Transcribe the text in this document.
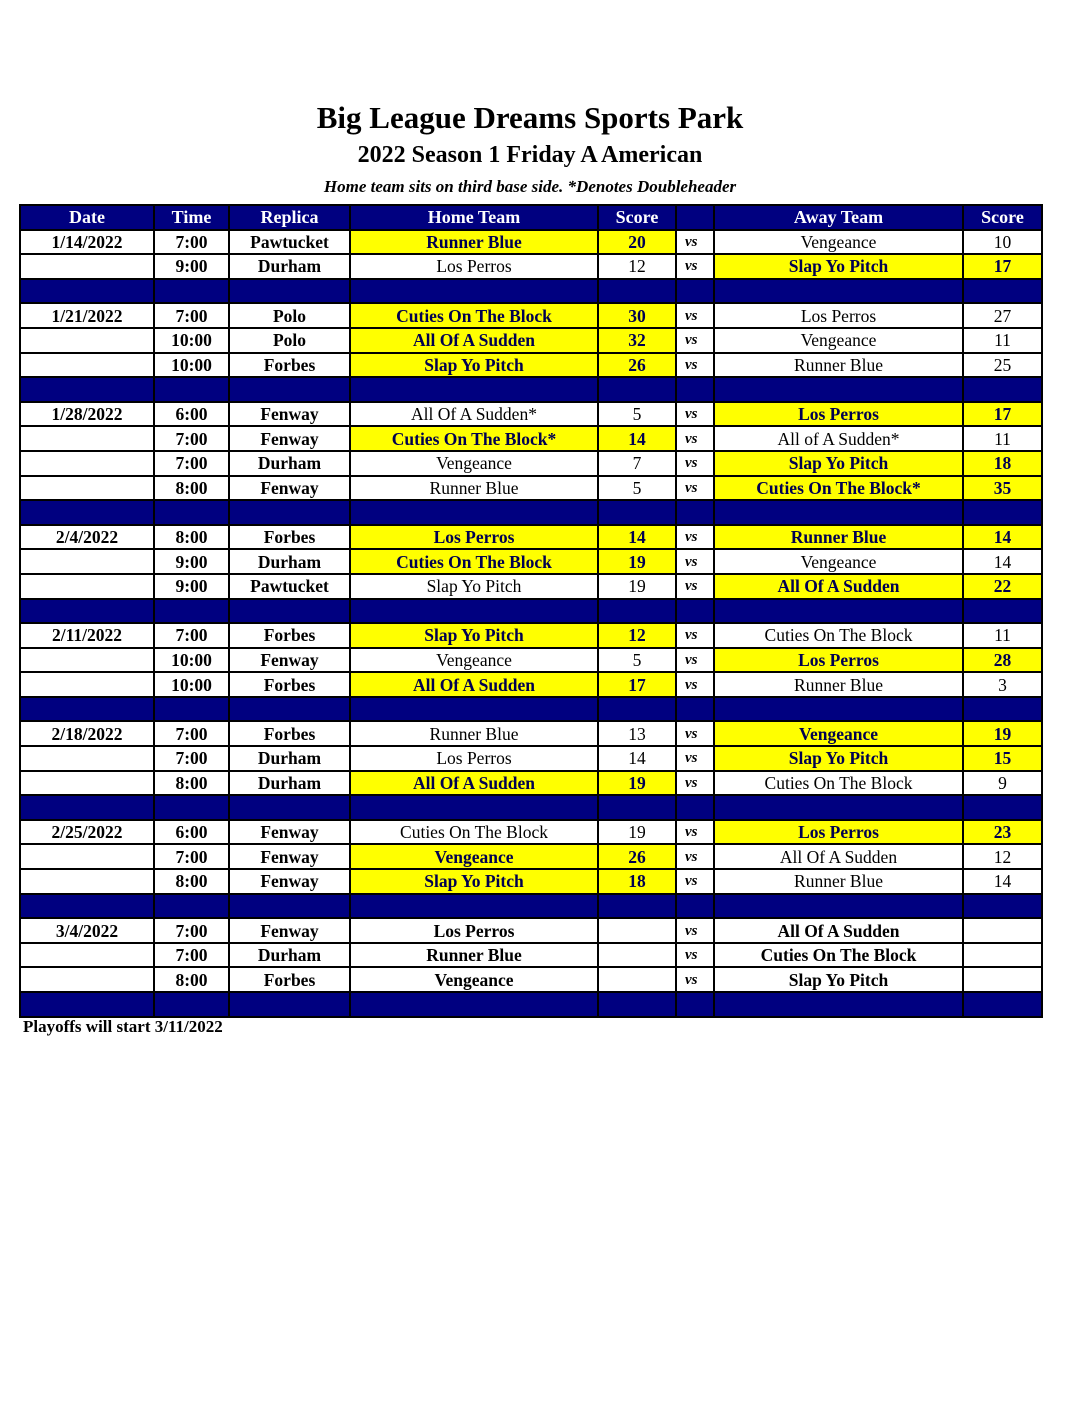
Big League Dreams Sports Park
2022 Season 1 Friday A American
Home team sits on third base side. *Denotes Doubleheader
Date	Time	Replica	Home Team	Score		Away Team	Score
1/14/2022	7:00	Pawtucket	Runner Blue	20	vs	Vengeance	10
	9:00	Durham	Los Perros	12	vs	Slap Yo Pitch	17

1/21/2022	7:00	Polo	Cuties On The Block	30	vs	Los Perros	27
	10:00	Polo	All Of A Sudden	32	vs	Vengeance	11
	10:00	Forbes	Slap Yo Pitch	26	vs	Runner Blue	25

1/28/2022	6:00	Fenway	All Of A Sudden*	5	vs	Los Perros	17
	7:00	Fenway	Cuties On The Block*	14	vs	All of A Sudden*	11
	7:00	Durham	Vengeance	7	vs	Slap Yo Pitch	18
	8:00	Fenway	Runner Blue	5	vs	Cuties On The Block*	35

2/4/2022	8:00	Forbes	Los Perros	14	vs	Runner Blue	14
	9:00	Durham	Cuties On The Block	19	vs	Vengeance	14
	9:00	Pawtucket	Slap Yo Pitch	19	vs	All Of A Sudden	22

2/11/2022	7:00	Forbes	Slap Yo Pitch	12	vs	Cuties On The Block	11
	10:00	Fenway	Vengeance	5	vs	Los Perros	28
	10:00	Forbes	All Of A Sudden	17	vs	Runner Blue	3

2/18/2022	7:00	Forbes	Runner Blue	13	vs	Vengeance	19
	7:00	Durham	Los Perros	14	vs	Slap Yo Pitch	15
	8:00	Durham	All Of A Sudden	19	vs	Cuties On The Block	9

2/25/2022	6:00	Fenway	Cuties On The Block	19	vs	Los Perros	23
	7:00	Fenway	Vengeance	26	vs	All Of A Sudden	12
	8:00	Fenway	Slap Yo Pitch	18	vs	Runner Blue	14

3/4/2022	7:00	Fenway	Los Perros		vs	All Of A Sudden	
	7:00	Durham	Runner Blue		vs	Cuties On The Block	
	8:00	Forbes	Vengeance		vs	Slap Yo Pitch	

Playoffs will start 3/11/2022
